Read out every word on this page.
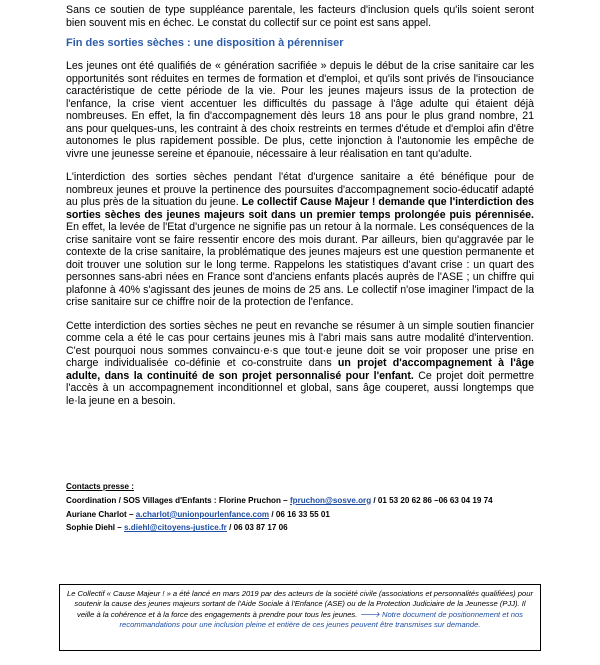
Sans ce soutien de type suppléance parentale, les facteurs d'inclusion quels qu'ils soient seront bien souvent mis en échec. Le constat du collectif sur ce point est sans appel.

Fin des sorties sèches : une disposition à pérenniser

Les jeunes ont été qualifiés de « génération sacrifiée » depuis le début de la crise sanitaire car les opportunités sont réduites en termes de formation et d'emploi, et qu'ils sont privés de l'insouciance caractéristique de cette période de la vie. Pour les jeunes majeurs issus de la protection de l'enfance, la crise vient accentuer les difficultés du passage à l'âge adulte qui étaient déjà nombreuses. En effet, la fin d'accompagnement dès leurs 18 ans pour le plus grand nombre, 21 ans pour quelques-uns, les contraint à des choix restreints en termes d'étude et d'emploi afin d'être autonomes le plus rapidement possible. De plus, cette injonction à l'autonomie les empêche de vivre une jeunesse sereine et épanouie, nécessaire à leur réalisation en tant qu'adulte.

L'interdiction des sorties sèches pendant l'état d'urgence sanitaire a été bénéfique pour de nombreux jeunes et prouve la pertinence des poursuites d'accompagnement socio-éducatif adapté au plus près de la situation du jeune. Le collectif Cause Majeur ! demande que l'interdiction des sorties sèches des jeunes majeurs soit dans un premier temps prolongée puis pérennisée. En effet, la levée de l'Etat d'urgence ne signifie pas un retour à la normale. Les conséquences de la crise sanitaire vont se faire ressentir encore des mois durant. Par ailleurs, bien qu'aggravée par le contexte de la crise sanitaire, la problématique des jeunes majeurs est une question permanente et doit trouver une solution sur le long terme. Rappelons les statistiques d'avant crise : un quart des personnes sans-abri nées en France sont d'anciens enfants placés auprès de l'ASE ; un chiffre qui plafonne à 40% s'agissant des jeunes de moins de 25 ans. Le collectif n'ose imaginer l'impact de la crise sanitaire sur ce chiffre noir de la protection de l'enfance.

Cette interdiction des sorties sèches ne peut en revanche se résumer à un simple soutien financier comme cela a été le cas pour certains jeunes mis à l'abri mais sans autre modalité d'intervention. C'est pourquoi nous sommes convaincu·e·s que tout·e jeune doit se voir proposer une prise en charge individualisée co-définie et co-construite dans un projet d'accompagnement à l'âge adulte, dans la continuité de son projet personnalisé pour l'enfant. Ce projet doit permettre l'accès à un accompagnement inconditionnel et global, sans âge couperet, aussi longtemps que le·la jeune en a besoin.

Contacts presse :
Coordination / SOS Villages d'Enfants : Florine Pruchon – fpruchon@sosve.org / 01 53 20 62 86 –06 63 04 19 74
Auriane Charlot – a.charlot@unionpourlenfance.com / 06 16 33 55 01
Sophie Diehl – s.diehl@citoyens-justice.fr / 06 03 87 17 06
Le Collectif « Cause Majeur ! » a été lancé en mars 2019 par des acteurs de la société civile (associations et personnalités qualifiées) pour soutenir la cause des jeunes majeurs sortant de l'Aide Sociale à l'Enfance (ASE) ou de la Protection Judiciaire de la Jeunesse (PJJ). Il veille à la cohérence et à la force des engagements à prendre pour tous les jeunes. 🡒 Notre document de positionnement et nos recommandations pour une inclusion pleine et entière de ces jeunes peuvent être transmises sur demande.
